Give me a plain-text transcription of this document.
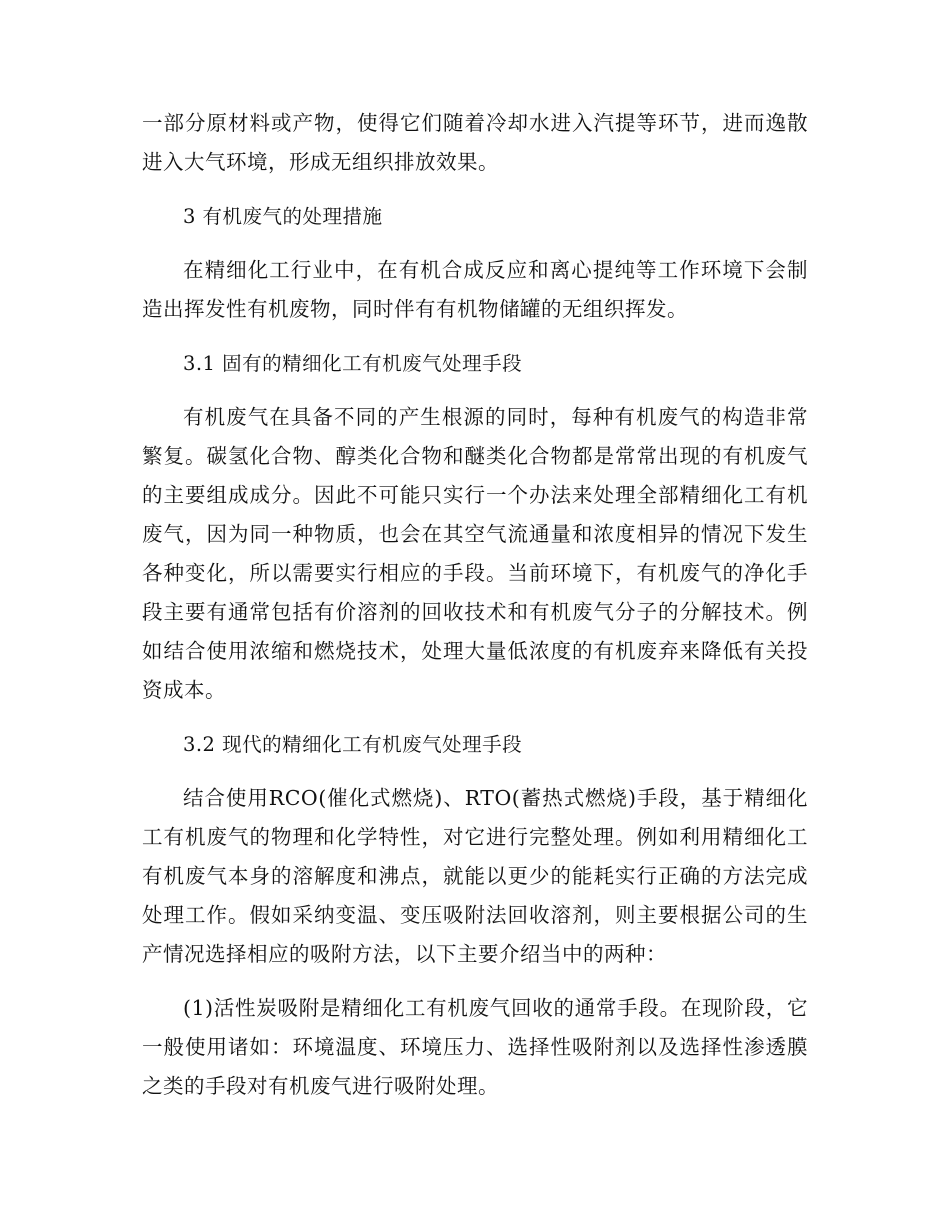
一部分原材料或产物，使得它们随着冷却水进入汽提等环节，进而逸散进入大气环境，形成无组织排放效果。

3 有机废气的处理措施

在精细化工行业中，在有机合成反应和离心提纯等工作环境下会制造出挥发性有机废物，同时伴有有机物储罐的无组织挥发。

3.1 固有的精细化工有机废气处理手段

有机废气在具备不同的产生根源的同时，每种有机废气的构造非常繁复。碳氢化合物、醇类化合物和醚类化合物都是常常出现的有机废气的主要组成成分。因此不可能只实行一个办法来处理全部精细化工有机废气，因为同一种物质，也会在其空气流通量和浓度相异的情况下发生各种变化，所以需要实行相应的手段。当前环境下，有机废气的净化手段主要有通常包括有价溶剂的回收技术和有机废气分子的分解技术。例如结合使用浓缩和燃烧技术，处理大量低浓度的有机废弃来降低有关投资成本。

3.2 现代的精细化工有机废气处理手段

结合使用RCO(催化式燃烧)、RTO(蓄热式燃烧)手段，基于精细化工有机废气的物理和化学特性，对它进行完整处理。例如利用精细化工有机废气本身的溶解度和沸点，就能以更少的能耗实行正确的方法完成处理工作。假如采纳变温、变压吸附法回收溶剂，则主要根据公司的生产情况选择相应的吸附方法，以下主要介绍当中的两种：

(1)活性炭吸附是精细化工有机废气回收的通常手段。在现阶段，它一般使用诸如：环境温度、环境压力、选择性吸附剂以及选择性渗透膜之类的手段对有机废气进行吸附处理。
